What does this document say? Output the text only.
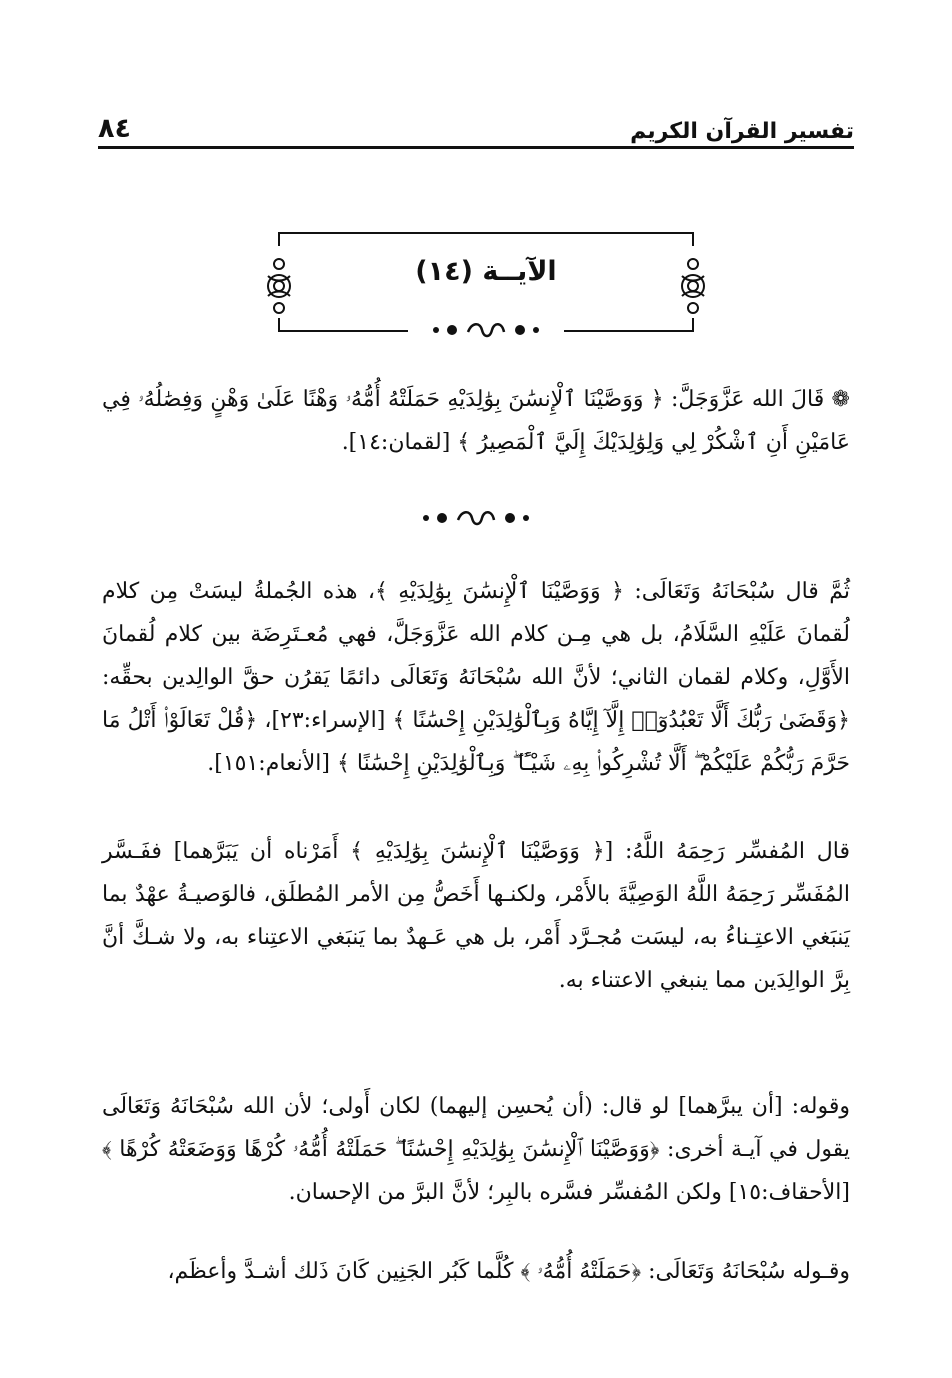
٨٤	تفسير القرآن الكريم
الآيــة (١٤)
❁ قَالَ الله عَزَّوَجَلَّ: ﴿ وَوَصَّيْنَا ٱلْإِنسَٰنَ بِوَٰلِدَيْهِ حَمَلَتْهُ أُمُّهُۥ وَهْنًا عَلَىٰ وَهْنٍ وَفِصَٰلُهُۥ فِي عَامَيْنِ أَنِ ٱشْكُرْ لِي وَلِوَٰلِدَيْكَ إِلَيَّ ٱلْمَصِيرُ ﴾ [لقمان:١٤].
ثُمَّ قال سُبْحَانَهُ وَتَعَالَى: ﴿ وَوَصَّيْنَا ٱلْإِنسَٰنَ بِوَٰلِدَيْهِ ﴾، هذه الجُملةُ ليسَتْ مِن كلام لُقمانَ عَلَيْهِ السَّلَامُ، بل هي مِـن كلام الله عَزَّوَجَلَّ، فهي مُعـتَرِضَة بين كلام لُقمانَ الأَوَّلِ، وكلام لقمان الثاني؛ لأنَّ الله سُبْحَانَهُ وَتَعَالَى دائمًا يَقرُن حقَّ الوالِدين بحقِّه: ﴿وَقَضَىٰ رَبُّكَ أَلَّا تَعْبُدُوٓا۟ إِلَّآ إِيَّاهُ وَبِٱلْوَٰلِدَيْنِ إِحْسَٰنًا ﴾ [الإسراء:٢٣]، ﴿قُلْ تَعَالَوْا۟ أَتْلُ مَا حَرَّمَ رَبُّكُمْ عَلَيْكُمْ ۖ أَلَّا تُشْرِكُوا۟ بِهِۦ شَيْـًٔا ۖ وَبِٱلْوَٰلِدَيْنِ إِحْسَٰنًا ﴾ [الأنعام:١٥١].
قال المُفسِّر رَحِمَهُ اللَّهُ: [﴿ وَوَصَّيْنَا ٱلْإِنسَٰنَ بِوَٰلِدَيْهِ ﴾ أَمَرْناه أن يَبَرَّهما] ففَـسَّر المُفَسِّر رَحِمَهُ اللَّهُ الوَصِيَّةَ بالأَمْر، ولكنـها أَخَصُّ مِن الأمر المُطلَق، فالوَصيـةُ عهْدٌ بما يَنبَغي الاعتِـناءُ به، ليسَت مُجـرَّد أَمْر، بل هي عَـهدٌ بما يَنبَغي الاعتِناء به، ولا شـكَّ أنَّ بِرَّ الوالِدَين مما ينبغي الاعتناء به.
وقوله: [أن يبرَّهما] لو قال: (أن يُحسِن إليهما) لكان أَولى؛ لأن الله سُبْحَانَهُ وَتَعَالَى يقول في آيـة أخرى: ﴿وَوَصَّيْنَا ٱلْإِنسَٰنَ بِوَٰلِدَيْهِ إِحْسَٰنًا ۖ حَمَلَتْهُ أُمُّهُۥ كُرْهًا وَوَضَعَتْهُ كُرْهًا ﴾ [الأحقاف:١٥] ولكن المُفسِّر فسَّره بالبِر؛ لأنَّ البرَّ من الإحسان.
وقـوله سُبْحَانَهُ وَتَعَالَى: ﴿حَمَلَتْهُ أُمُّهُۥ ﴾ كُلَّما كَبُر الجَنِين كَانَ ذَلك أشـدَّ وأعظَم،
